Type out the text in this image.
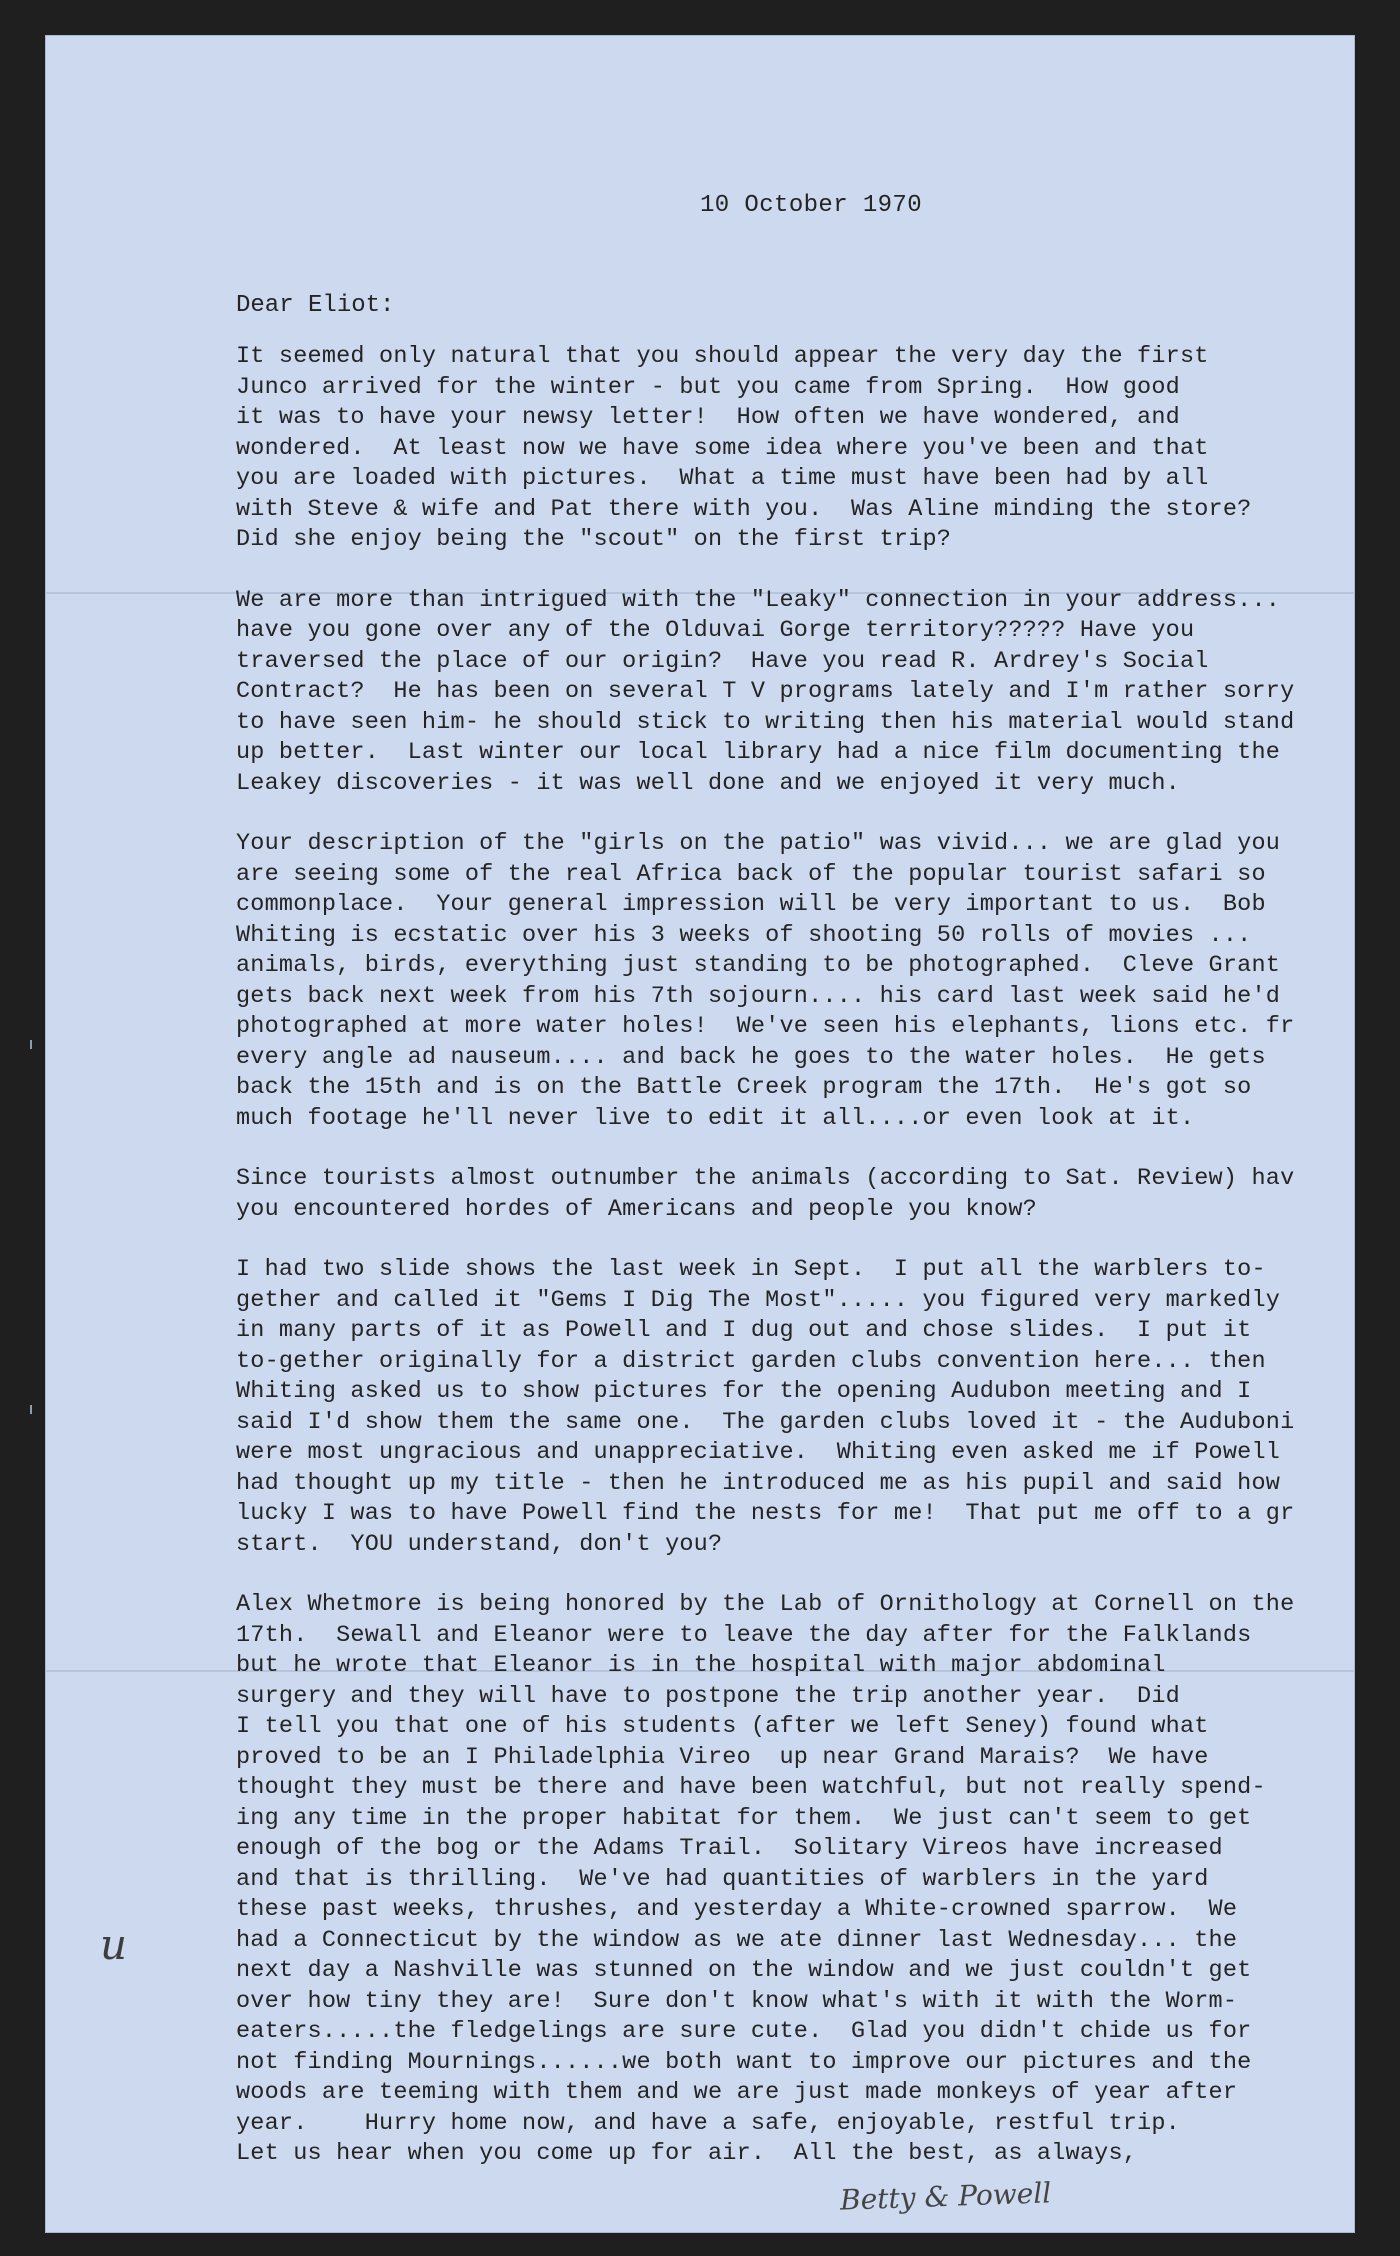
10 October 1970
Dear Eliot:
It seemed only natural that you should appear the very day the first
Junco arrived for the winter - but you came from Spring.  How good
it was to have your newsy letter!  How often we have wondered, and
wondered.  At least now we have some idea where you've been and that
you are loaded with pictures.  What a time must have been had by all
with Steve & wife and Pat there with you.  Was Aline minding the store?
Did she enjoy being the "scout" on the first trip?
We are more than intrigued with the "Leaky" connection in your address...
have you gone over any of the Olduvai Gorge territory????? Have you
traversed the place of our origin?  Have you read R. Ardrey's Social
Contract?  He has been on several T V programs lately and I'm rather sorry
to have seen him- he should stick to writing then his material would stand
up better.  Last winter our local library had a nice film documenting the
Leakey discoveries - it was well done and we enjoyed it very much.
Your description of the "girls on the patio" was vivid... we are glad you
are seeing some of the real Africa back of the popular tourist safari so
commonplace.  Your general impression will be very important to us.  Bob
Whiting is ecstatic over his 3 weeks of shooting 50 rolls of movies ...
animals, birds, everything just standing to be photographed.  Cleve Grant
gets back next week from his 7th sojourn.... his card last week said he'd
photographed at more water holes!  We've seen his elephants, lions etc. fr
every angle ad nauseum.... and back he goes to the water holes.  He gets
back the 15th and is on the Battle Creek program the 17th.  He's got so
much footage he'll never live to edit it all....or even look at it.
Since tourists almost outnumber the animals (according to Sat. Review) hav
you encountered hordes of Americans and people you know?
I had two slide shows the last week in Sept.  I put all the warblers to-
gether and called it "Gems I Dig The Most"..... you figured very markedly
in many parts of it as Powell and I dug out and chose slides.  I put it
to-gether originally for a district garden clubs convention here... then
Whiting asked us to show pictures for the opening Audubon meeting and I
said I'd show them the same one.  The garden clubs loved it - the Auduboni
were most ungracious and unappreciative.  Whiting even asked me if Powell
had thought up my title - then he introduced me as his pupil and said how
lucky I was to have Powell find the nests for me!  That put me off to a gr
start.  YOU understand, don't you?
Alex Whetmore is being honored by the Lab of Ornithology at Cornell on the
17th.  Sewall and Eleanor were to leave the day after for the Falklands
but he wrote that Eleanor is in the hospital with major abdominal
surgery and they will have to postpone the trip another year.  Did
I tell you that one of his students (after we left Seney) found what
proved to be an I Philadelphia Vireo  up near Grand Marais?  We have
thought they must be there and have been watchful, but not really spend-
ing any time in the proper habitat for them.  We just can't seem to get
enough of the bog or the Adams Trail.  Solitary Vireos have increased
and that is thrilling.  We've had quantities of warblers in the yard
these past weeks, thrushes, and yesterday a White-crowned sparrow.  We
had a Connecticut by the window as we ate dinner last Wednesday... the
next day a Nashville was stunned on the window and we just couldn't get
over how tiny they are!  Sure don't know what's with it with the Worm-
eaters.....the fledgelings are sure cute.  Glad you didn't chide us for
not finding Mournings......we both want to improve our pictures and the
woods are teeming with them and we are just made monkeys of year after
year.    Hurry home now, and have a safe, enjoyable, restful trip.
Let us hear when you come up for air.  All the best, as always,
u
Betty & Powell
